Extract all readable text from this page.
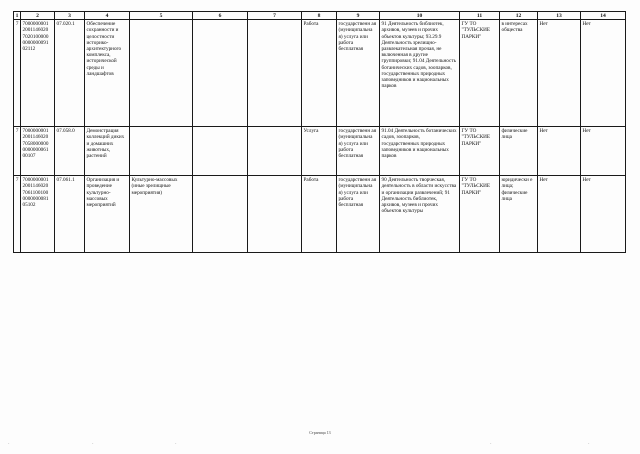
1	2	3	4	5	6	7	8	9	10	11	12	13	14
7	7000000001 2001146020 7020100000 0000000091 02112	07.020.1	Обеспечение сохранности и целостности историко-архитектурного комплекса, исторической среды и ландшафтов				Работа	государственн ая (муниципальна я) услуга или работа бесплатная	91 Деятельность библиотек, архивов, музеев и прочих объектов культуры; 93.29.9 Деятельность зрелищно-развлекательная прочая, не включенная в другие группировки; 91.04 Деятельность ботанических садов, зоопарков, государственных природных заповедников и национальных парков	ГУ ТО "ТУЛЬСКИЕ ПАРКИ"	в интересах общества	Нет	Нет
7	7000000001 2001146020 7058000000 0000000061 00107	07.058.0	Демонстрация коллекций диких и домашних животных, растений				Услуга	государственн ая (муниципальна я) услуга или работа бесплатная	91.04 Деятельность ботанических садов, зоопарков, государственных природных заповедников и национальных парков	ГУ ТО "ТУЛЬСКИЕ ПАРКИ"	физические лица	Нет	Нет
7	7000000001 2001146020 7061100100 0000000081 05102	07.061.1	Организация и проведение культурно-массовых мероприятий	Культурно-массовых (иные зрелищные мероприятия)			Работа	государственн ая (муниципальна я) услуга или работа бесплатная	90 Деятельность творческая, деятельность в области искусства и организации развлечений; 91 Деятельность библиотек, архивов, музеев и прочих объектов культуры	ГУ ТО "ТУЛЬСКИЕ ПАРКИ"	юридически е лица; физические лица	Нет	Нет

Страница 13
·	·	·	·	·
